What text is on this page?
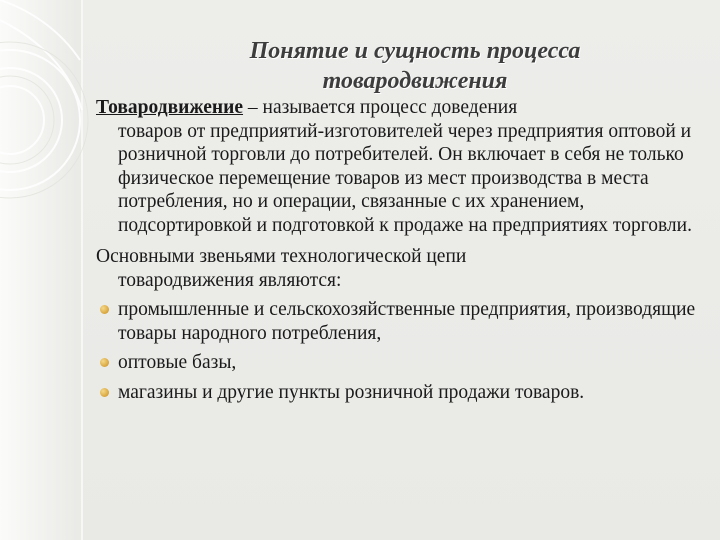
Понятие и сущность процесса товародвижения

Товародвижение – называется процесс доведения
товаров от предприятий-изготовителей через предприятия оптовой и розничной торговли до потребителей. Он включает в себя не только физическое перемещение товаров из мест производства в места потребления, но и операции, связанные с их хранением, подсортировкой и подготовкой к продаже на предприятиях торговли.

Основными звеньями технологической цепи
товародвижения являются:

промышленные и сельскохозяйственные предприятия, производящие товары народного потребления,
оптовые базы,
магазины и другие пункты розничной продажи товаров.
